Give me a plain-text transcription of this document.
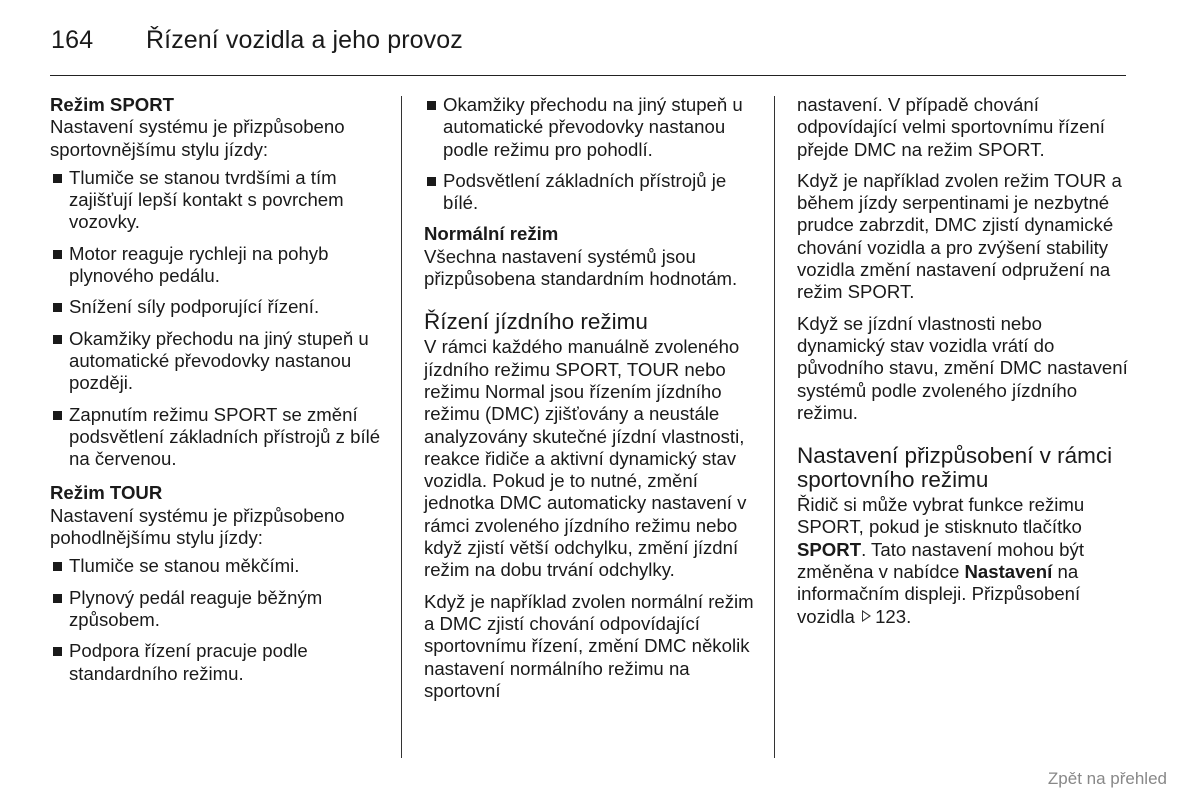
164 Řízení vozidla a jeho provoz
Režim SPORT

Nastavení systému je přizpůsobeno sportovnějšímu stylu jízdy:

Tlumiče se stanou tvrdšími a tím zajišťují lepší kontakt s povrchem vozovky.
Motor reaguje rychleji na pohyb plynového pedálu.
Snížení síly podporující řízení.
Okamžiky přechodu na jiný stupeň u automatické převodovky nastanou později.
Zapnutím režimu SPORT se změní podsvětlení základních přístrojů z bílé na červenou.
Režim TOUR

Nastavení systému je přizpůsobeno pohodlnějšímu stylu jízdy:

Tlumiče se stanou měkčími.
Plynový pedál reaguje běžným způsobem.
Podpora řízení pracuje podle standardního režimu.
Okamžiky přechodu na jiný stupeň u automatické převodovky nastanou podle režimu pro pohodlí.
Podsvětlení základních přístrojů je bílé.
Normální režim

Všechna nastavení systémů jsou přizpůsobena standardním hodnotám.

Řízení jízdního režimu

V rámci každého manuálně zvoleného jízdního režimu SPORT, TOUR nebo režimu Normal jsou řízením jízdního režimu (DMC) zjišťovány a neustále analyzovány skutečné jízdní vlastnosti, reakce řidiče a aktivní dynamický stav vozidla. Pokud je to nutné, změní jednotka DMC automaticky nastavení v rámci zvoleného jízdního režimu nebo když zjistí větší odchylku, změní jízdní režim na dobu trvání odchylky.

Když je například zvolen normální režim a DMC zjistí chování odpovídající sportovnímu řízení, změní DMC několik nastavení normálního režimu na sportovní

nastavení. V případě chování odpovídající velmi sportovnímu řízení přejde DMC na režim SPORT.

Když je například zvolen režim TOUR a během jízdy serpentinami je nezbytné prudce zabrzdit, DMC zjistí dynamické chování vozidla a pro zvýšení stability vozidla změní nastavení odpružení na režim SPORT.

Když se jízdní vlastnosti nebo dynamický stav vozidla vrátí do původního stavu, změní DMC nastavení systémů podle zvoleného jízdního režimu.

Nastavení přizpůsobení v rámci sportovního režimu

Řidič si může vybrat funkce režimu SPORT, pokud je stisknuto tlačítko SPORT. Tato nastavení mohou být změněna v nabídce Nastavení na informačním displeji. Přizpůsobení vozidla 123.

Zpět na přehled
